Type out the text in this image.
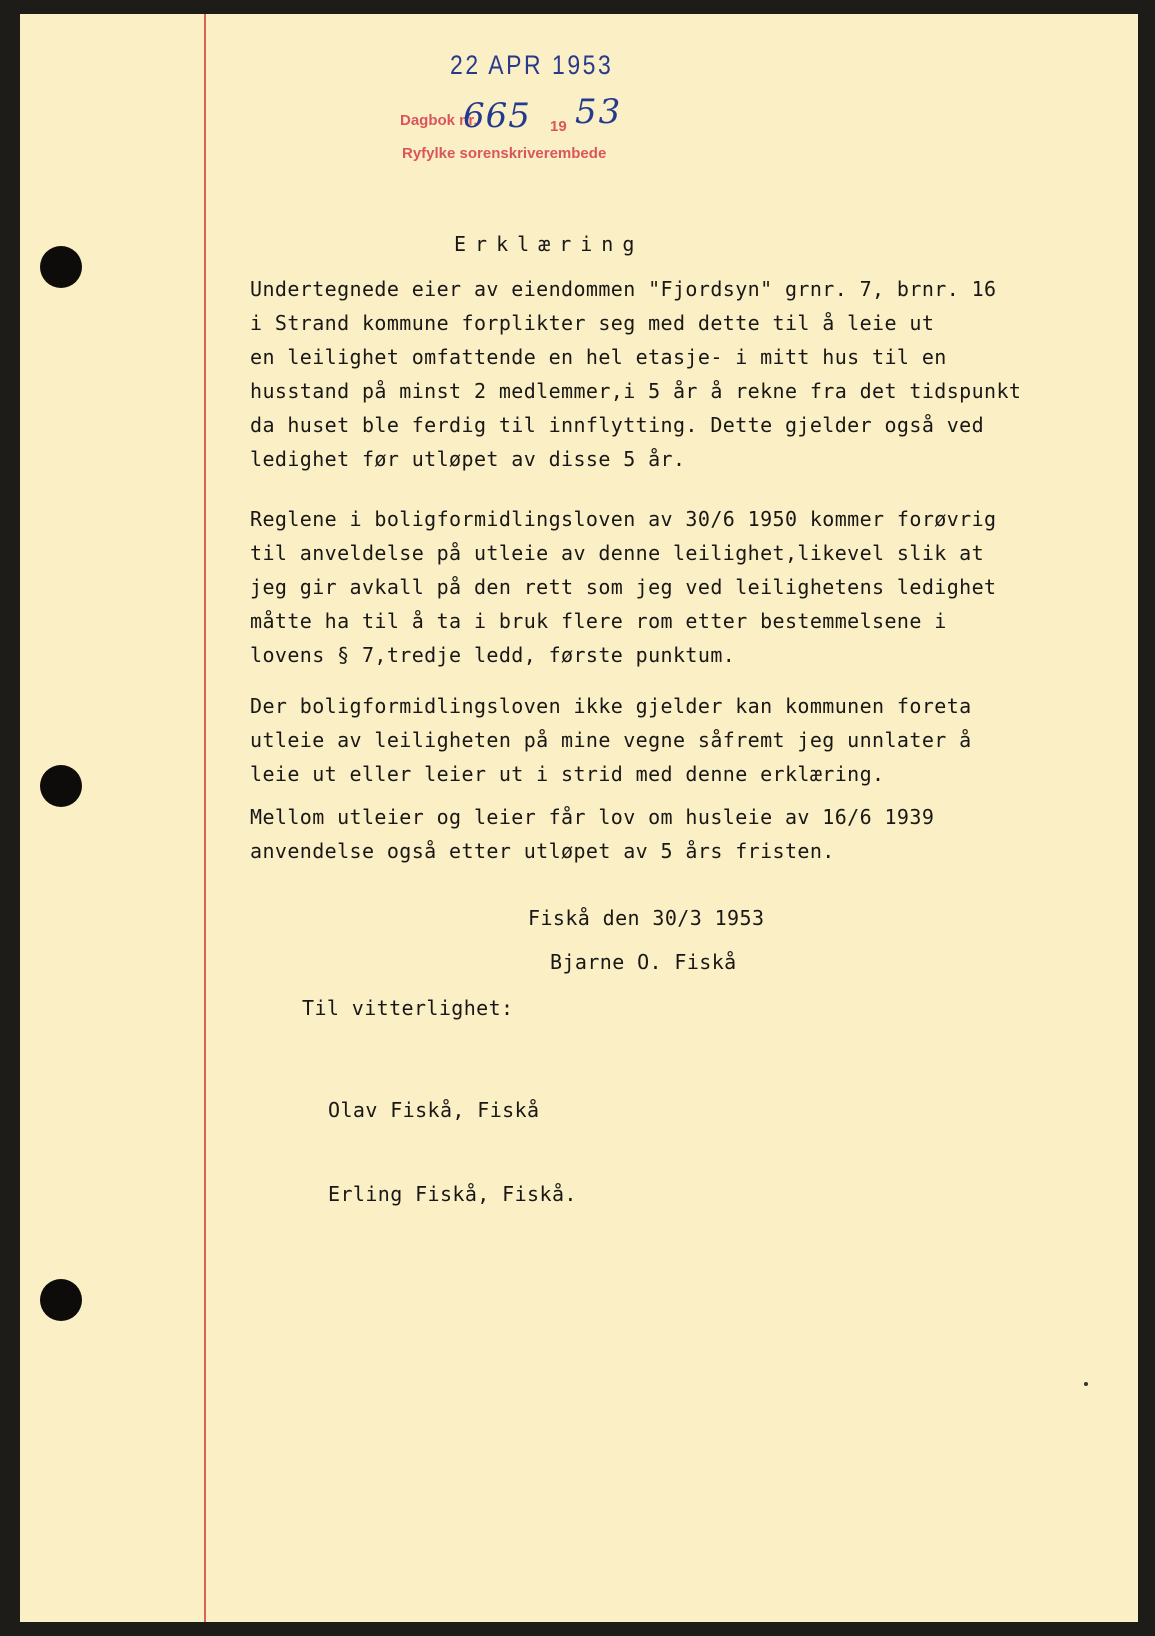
22 APR 1953
Dagbok nr.
665 19 53
Ryfylke sorenskriverembede
Erklæring
Undertegnede eier av eiendommen "Fjordsyn" grnr. 7, brnr. 16
i Strand kommune forplikter seg med dette til å leie ut
en leilighet omfattende en hel etasje- i mitt hus til en
husstand på minst 2 medlemmer,i 5 år å rekne fra det tidspunkt
da huset ble ferdig til innflytting. Dette gjelder også ved
ledighet før utløpet av disse 5 år.
Reglene i boligformidlingsloven av 30/6 1950 kommer forøvrig
til anveldelse på utleie av denne leilighet,likevel slik at
jeg gir avkall på den rett som jeg ved leilighetens ledighet
måtte ha til å ta i bruk flere rom etter bestemmelsene i
lovens § 7,tredje ledd, første punktum.
Der boligformidlingsloven ikke gjelder kan kommunen foreta
utleie av leiligheten på mine vegne såfremt jeg unnlater å
leie ut eller leier ut i strid med denne erklæring.
Mellom utleier og leier får lov om husleie av 16/6 1939
anvendelse også etter utløpet av 5 års fristen.
Fiskå den 30/3 1953
Bjarne O. Fiskå
Til vitterlighet:

Olav Fiskå, Fiskå

Erling Fiskå, Fiskå.
